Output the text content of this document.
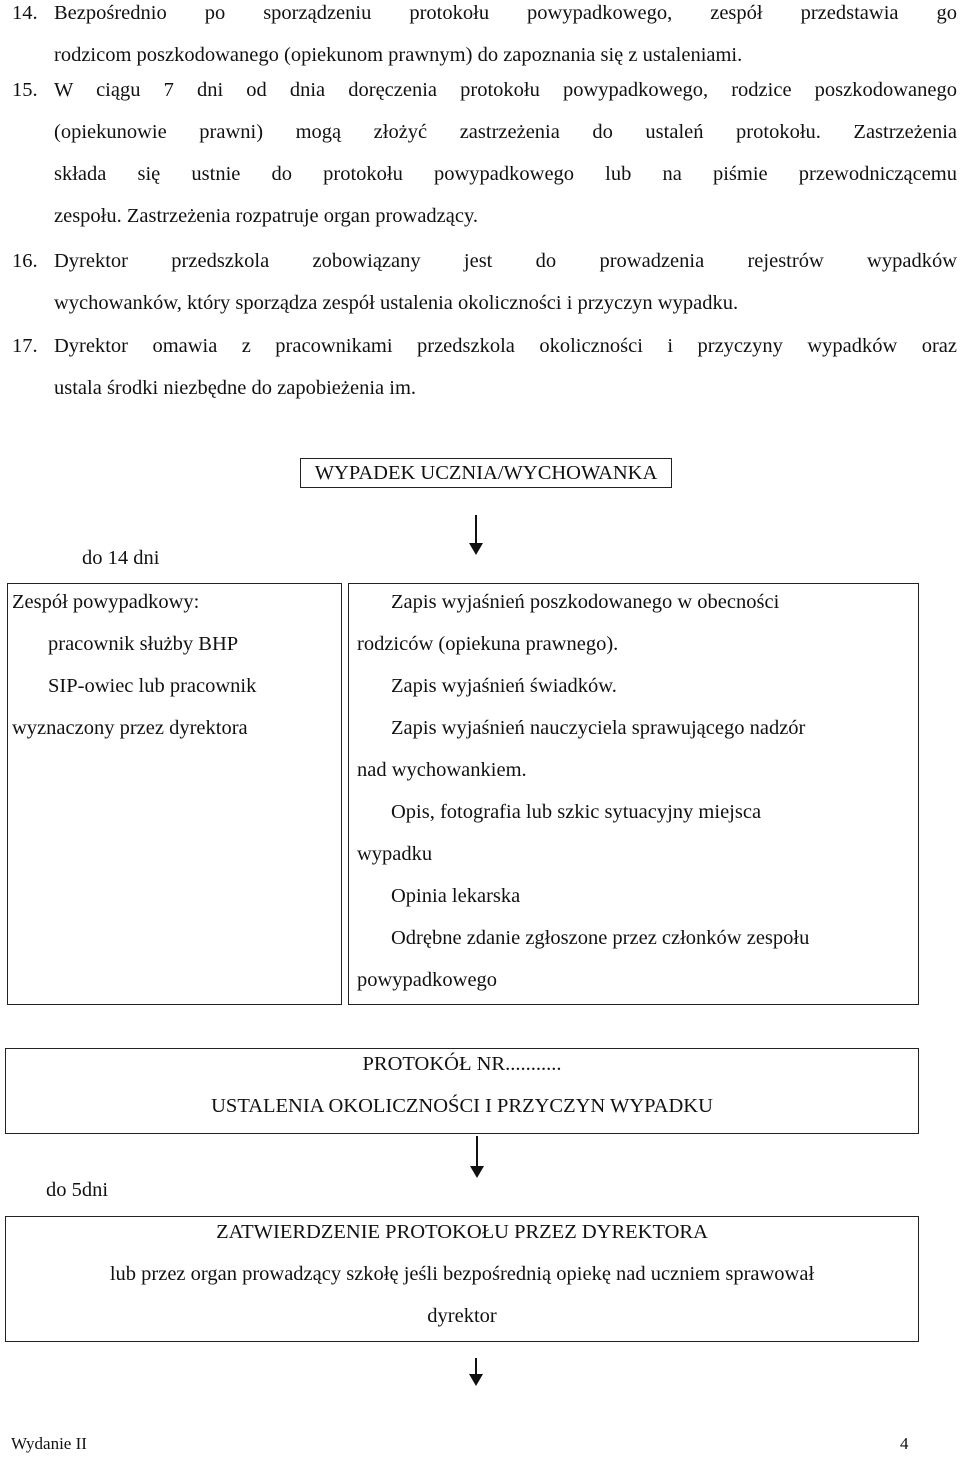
14. Bezpośrednio po sporządzeniu protokołu powypadkowego, zespół przedstawia go
rodzicom poszkodowanego (opiekunom prawnym) do zapoznania się z ustaleniami.
15. W ciągu 7 dni od dnia doręczenia protokołu powypadkowego, rodzice poszkodowanego
(opiekunowie prawni) mogą złożyć zastrzeżenia do ustaleń protokołu. Zastrzeżenia
składa się ustnie do protokołu powypadkowego lub na piśmie przewodniczącemu
zespołu. Zastrzeżenia rozpatruje organ prowadzący.
16. Dyrektor przedszkola zobowiązany jest do prowadzenia rejestrów wypadków
wychowanków, który sporządza zespół ustalenia okoliczności i przyczyn wypadku.
17. Dyrektor omawia z pracownikami przedszkola okoliczności i przyczyny wypadków oraz
ustala środki niezbędne do zapobieżenia im.
WYPADEK UCZNIA/WYCHOWANKA
do 14 dni
Zespół powypadkowy:
pracownik służby BHP
SIP-owiec lub pracownik
wyznaczony przez dyrektora
Zapis wyjaśnień poszkodowanego w obecności
rodziców (opiekuna prawnego).
Zapis wyjaśnień świadków.
Zapis wyjaśnień nauczyciela sprawującego nadzór
nad wychowankiem.
Opis, fotografia lub szkic sytuacyjny miejsca
wypadku
Opinia lekarska
Odrębne zdanie zgłoszone przez członków zespołu
powypadkowego
PROTOKÓŁ NR...........
USTALENIA OKOLICZNOŚCI I PRZYCZYN WYPADKU
do 5dni
ZATWIERDZENIE PROTOKOŁU PRZEZ DYREKTORA
lub przez organ prowadzący szkołę jeśli bezpośrednią opiekę nad uczniem sprawował
dyrektor
Wydanie II	4
